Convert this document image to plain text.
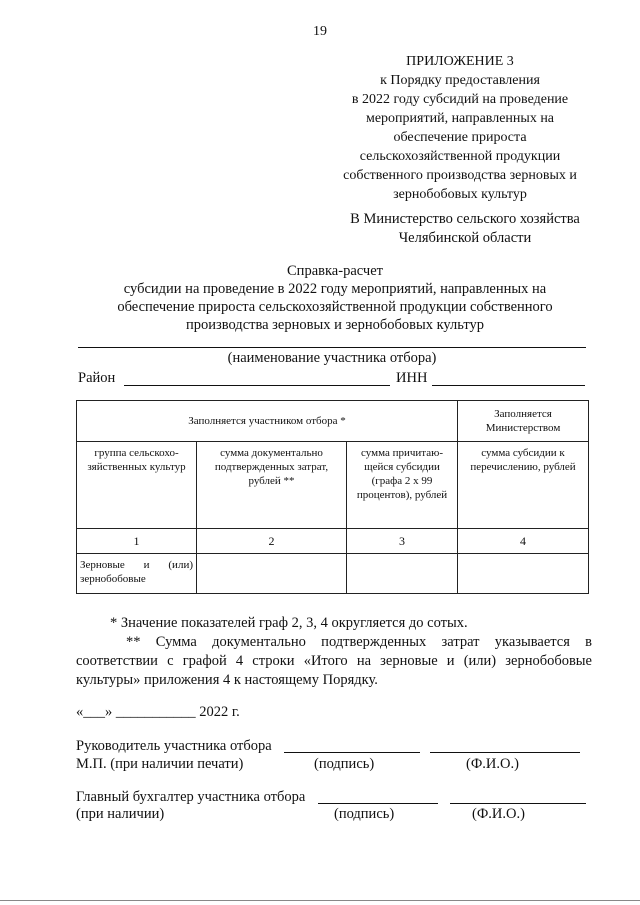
19
ПРИЛОЖЕНИЕ 3
к Порядку предоставления
в 2022 году субсидий на проведение
мероприятий, направленных на
обеспечение прироста
сельскохозяйственной продукции
собственного производства зерновых и
зернобобовых культур
В Министерство сельского хозяйства
Челябинской области
Справка-расчет
субсидии на проведение в 2022 году мероприятий, направленных на
обеспечение прироста сельскохозяйственной продукции собственного
производства зерновых и зернобобовых культур
(наименование участника отбора)
Район	ИНН
Заполняется участником отбора *			Заполняется Министерством
группа сельскохо-зяйственных культур	сумма документально подтвержденных затрат, рублей **	сумма причитаю-щейся субсидии (графа 2 х 99 процентов), рублей	сумма субсидии к перечислению, рублей
1	2	3	4
Зерновые и (или) зернобобовые			

* Значение показателей граф 2, 3, 4 округляется до сотых.

** Сумма документально подтвержденных затрат указывается в соответствии с графой 4 строки «Итого на зерновые и (или) зернобобовые культуры» приложения 4 к настоящему Порядку.

«___» ___________ 2022 г.
Руководитель участника отбора
М.П. (при наличии печати)	(подпись)	(Ф.И.О.)
Главный бухгалтер участника отбора
(при наличии)	(подпись)	(Ф.И.О.)
